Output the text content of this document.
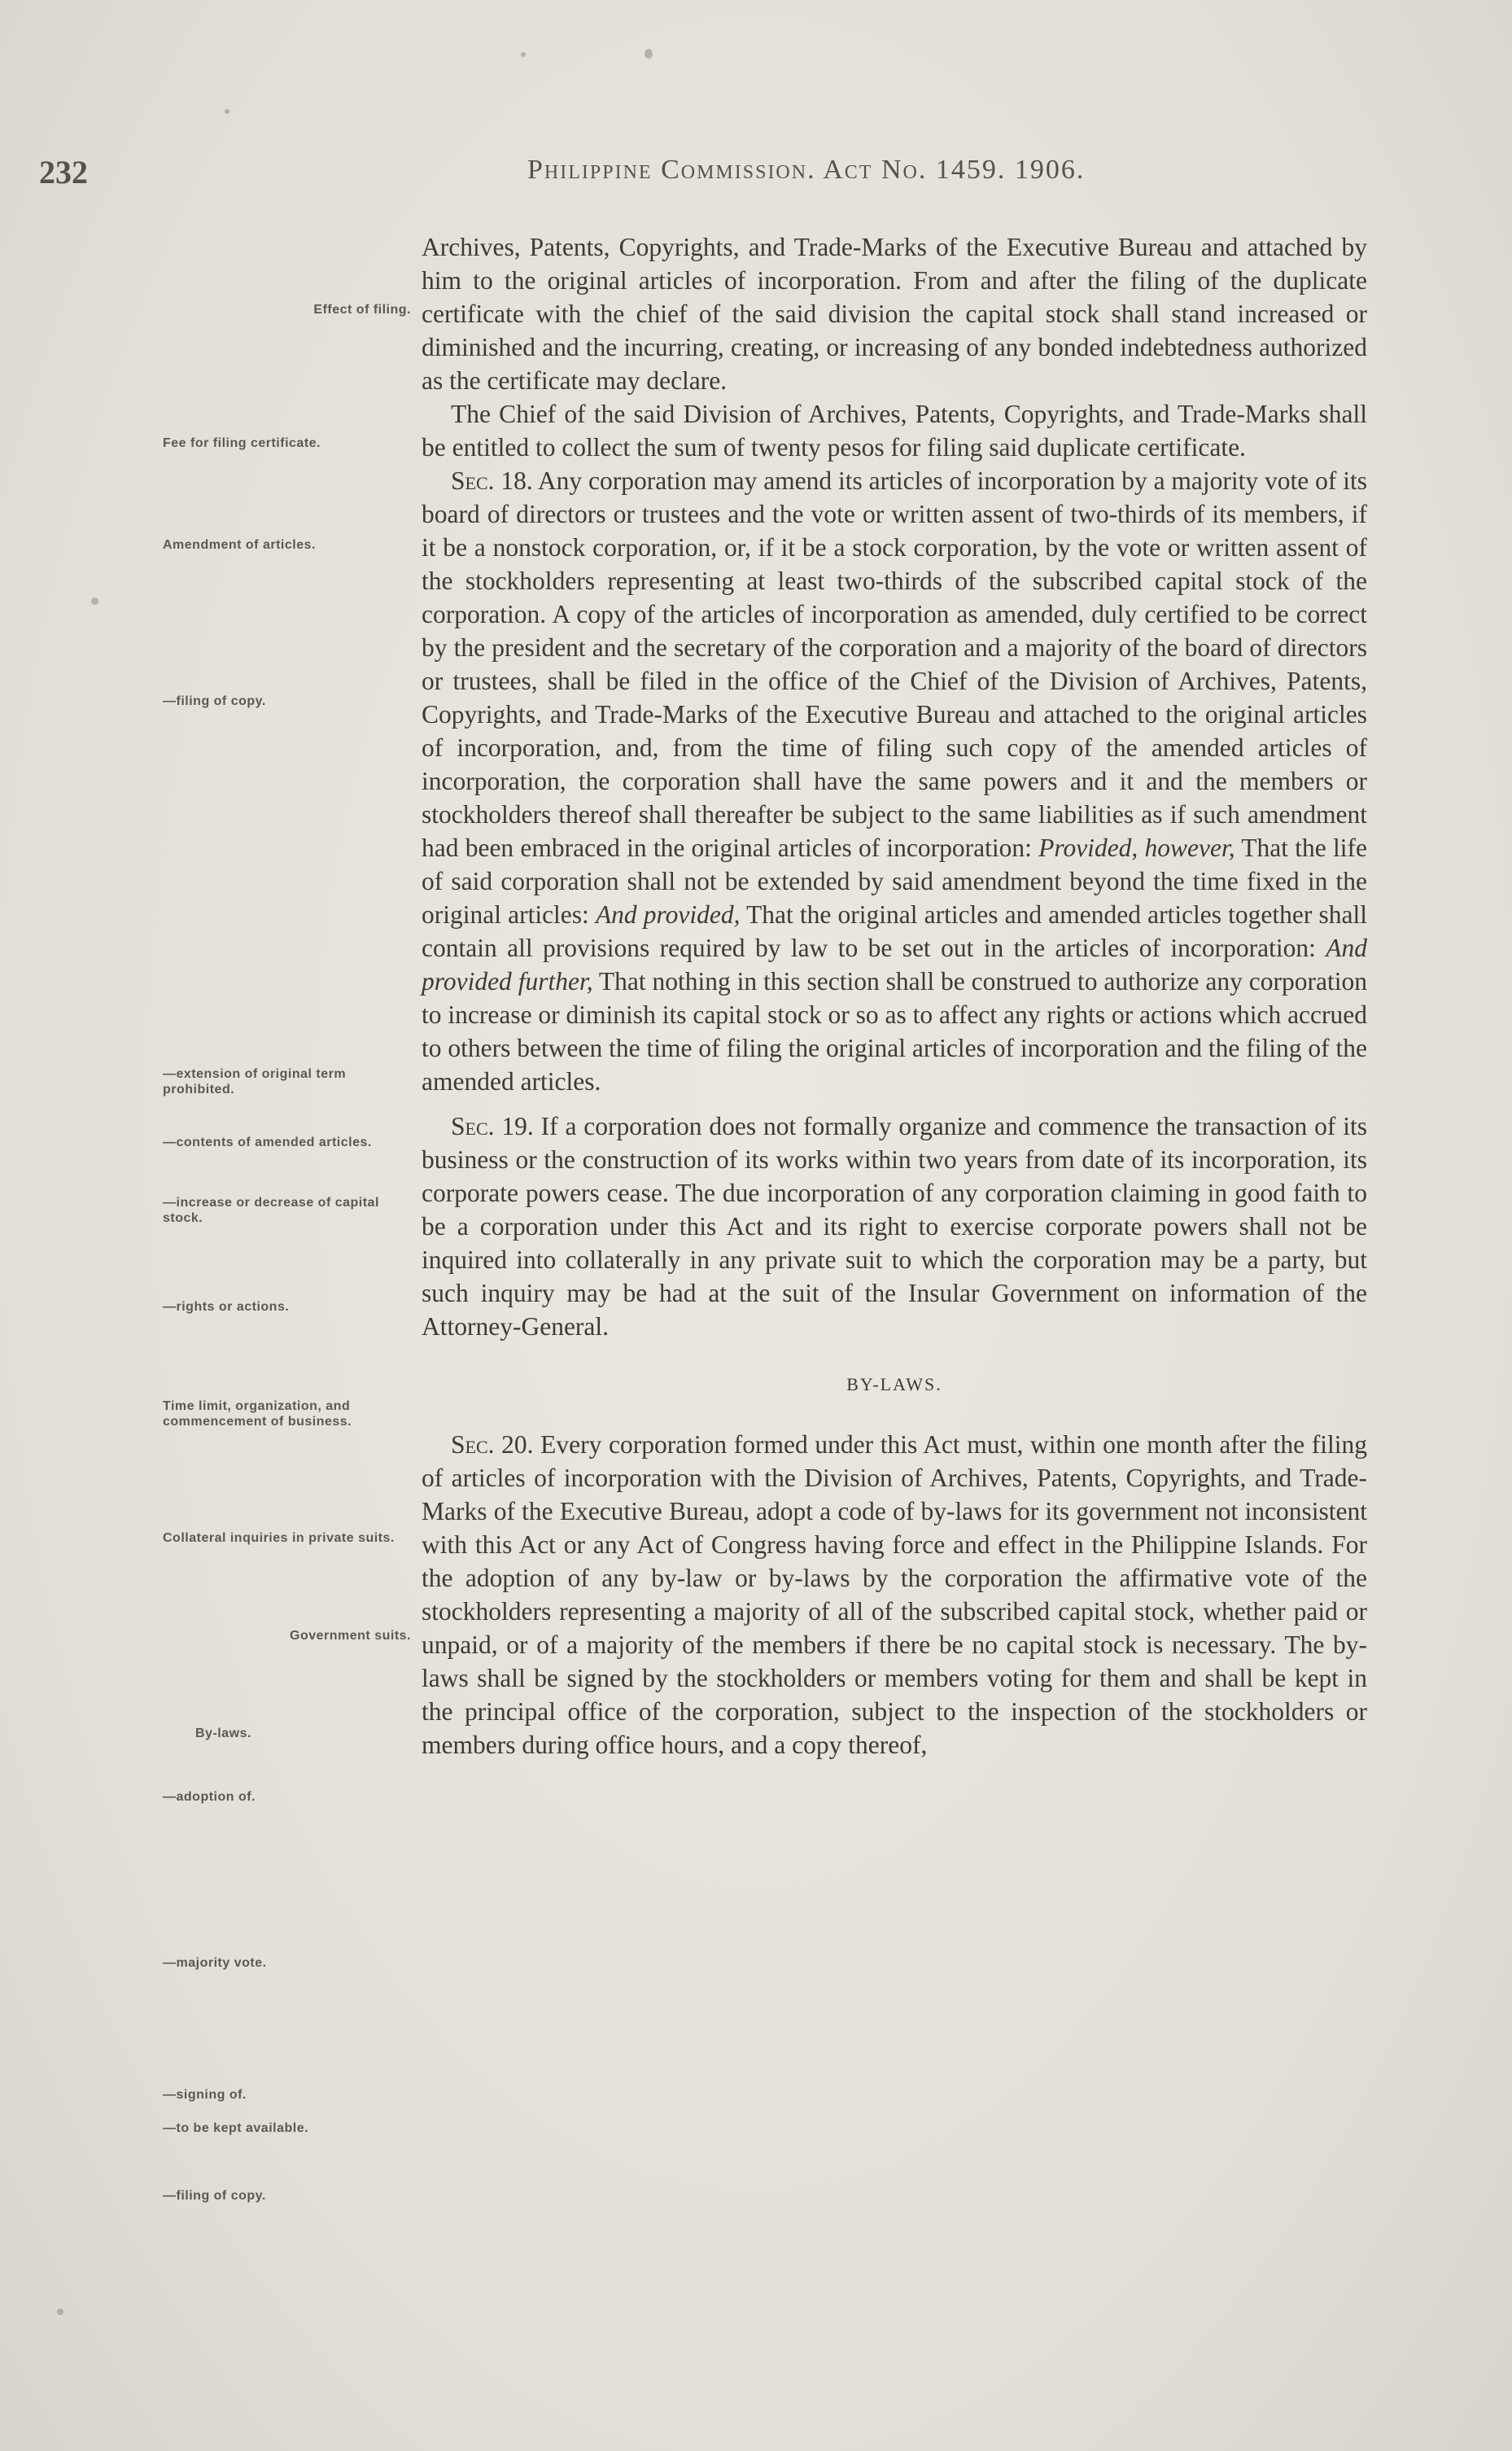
232	Philippine Commission. Act No. 1459. 1906.
Effect of filing.
Fee for filing certificate.
Amendment of articles.
—filing of copy.
—extension of original term prohibited.
—contents of amended articles.
—increase or decrease of capital stock.
—rights or actions.
Time limit, organization, and commencement of business.
Collateral inquiries in private suits.
Government suits.
By-laws.
—adoption of.
—majority vote.
—signing of.
—to be kept available.
—filing of copy.

Archives, Patents, Copyrights, and Trade-Marks of the Executive Bureau and attached by him to the original articles of incorporation. From and after the filing of the duplicate certificate with the chief of the said division the capital stock shall stand increased or diminished and the incurring, creating, or increasing of any bonded indebtedness authorized as the certificate may declare.

The Chief of the said Division of Archives, Patents, Copyrights, and Trade-Marks shall be entitled to collect the sum of twenty pesos for filing said duplicate certificate.

Sec. 18. Any corporation may amend its articles of incorporation by a majority vote of its board of directors or trustees and the vote or written assent of two-thirds of its members, if it be a nonstock corporation, or, if it be a stock corporation, by the vote or written assent of the stockholders representing at least two-thirds of the subscribed capital stock of the corporation. A copy of the articles of incorporation as amended, duly certified to be correct by the president and the secretary of the corporation and a majority of the board of directors or trustees, shall be filed in the office of the Chief of the Division of Archives, Patents, Copyrights, and Trade-Marks of the Executive Bureau and attached to the original articles of incorporation, and, from the time of filing such copy of the amended articles of incorporation, the corporation shall have the same powers and it and the members or stockholders thereof shall thereafter be subject to the same liabilities as if such amendment had been embraced in the original articles of incorporation: Provided, however, That the life of said corporation shall not be extended by said amendment beyond the time fixed in the original articles: And provided, That the original articles and amended articles together shall contain all provisions required by law to be set out in the articles of incorporation: And provided further, That nothing in this section shall be construed to authorize any corporation to increase or diminish its capital stock or so as to affect any rights or actions which accrued to others between the time of filing the original articles of incorporation and the filing of the amended articles.

Sec. 19. If a corporation does not formally organize and commence the transaction of its business or the construction of its works within two years from date of its incorporation, its corporate powers cease. The due incorporation of any corporation claiming in good faith to be a corporation under this Act and its right to exercise corporate powers shall not be inquired into collaterally in any private suit to which the corporation may be a party, but such inquiry may be had at the suit of the Insular Government on information of the Attorney-General.

BY-LAWS.

Sec. 20. Every corporation formed under this Act must, within one month after the filing of articles of incorporation with the Division of Archives, Patents, Copyrights, and Trade-Marks of the Executive Bureau, adopt a code of by-laws for its government not inconsistent with this Act or any Act of Congress having force and effect in the Philippine Islands. For the adoption of any by-law or by-laws by the corporation the affirmative vote of the stockholders representing a majority of all of the subscribed capital stock, whether paid or unpaid, or of a majority of the members if there be no capital stock is necessary. The by-laws shall be signed by the stockholders or members voting for them and shall be kept in the principal office of the corporation, subject to the inspection of the stockholders or members during office hours, and a copy thereof,
